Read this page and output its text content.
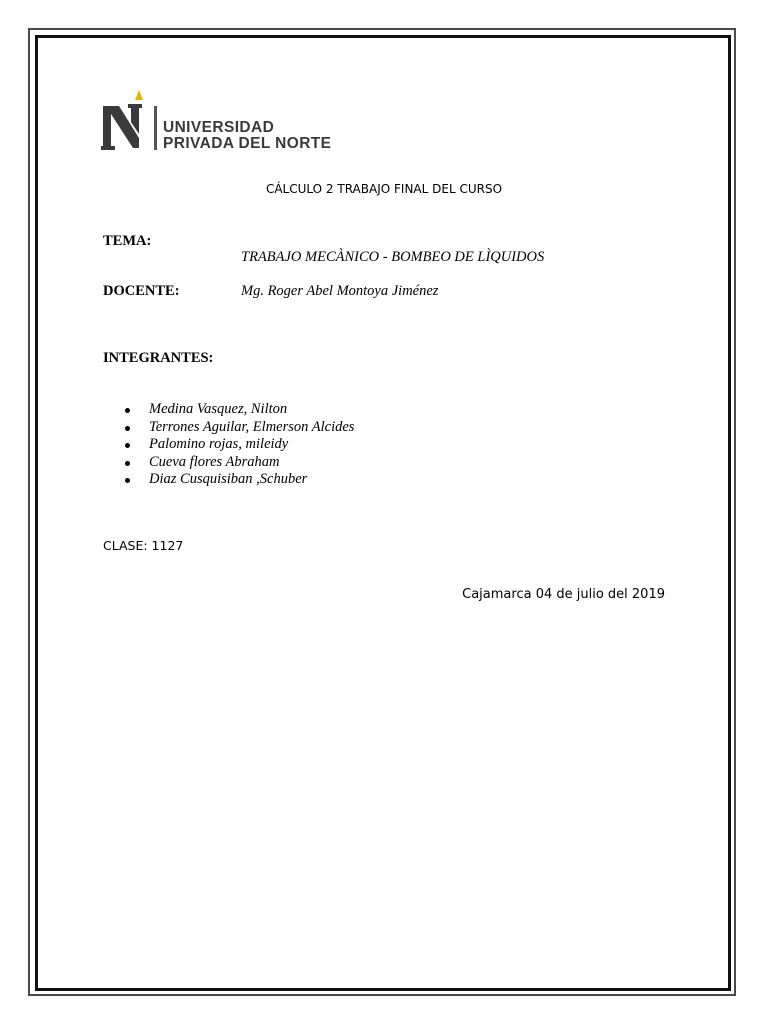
UNIVERSIDAD
PRIVADA DEL NORTE
CÁLCULO 2 TRABAJO FINAL DEL CURSO
TEMA:
TRABAJO MECÀNICO - BOMBEO DE LÌQUIDOS
DOCENTE:	Mg. Roger Abel Montoya Jiménez
INTEGRANTES:
Medina Vasquez, Nilton
Terrones Aguilar, Elmerson Alcides
Palomino rojas, mileidy
Cueva flores Abraham
Diaz Cusquisiban ,Schuber
CLASE: 1127
Cajamarca 04 de julio del 2019
